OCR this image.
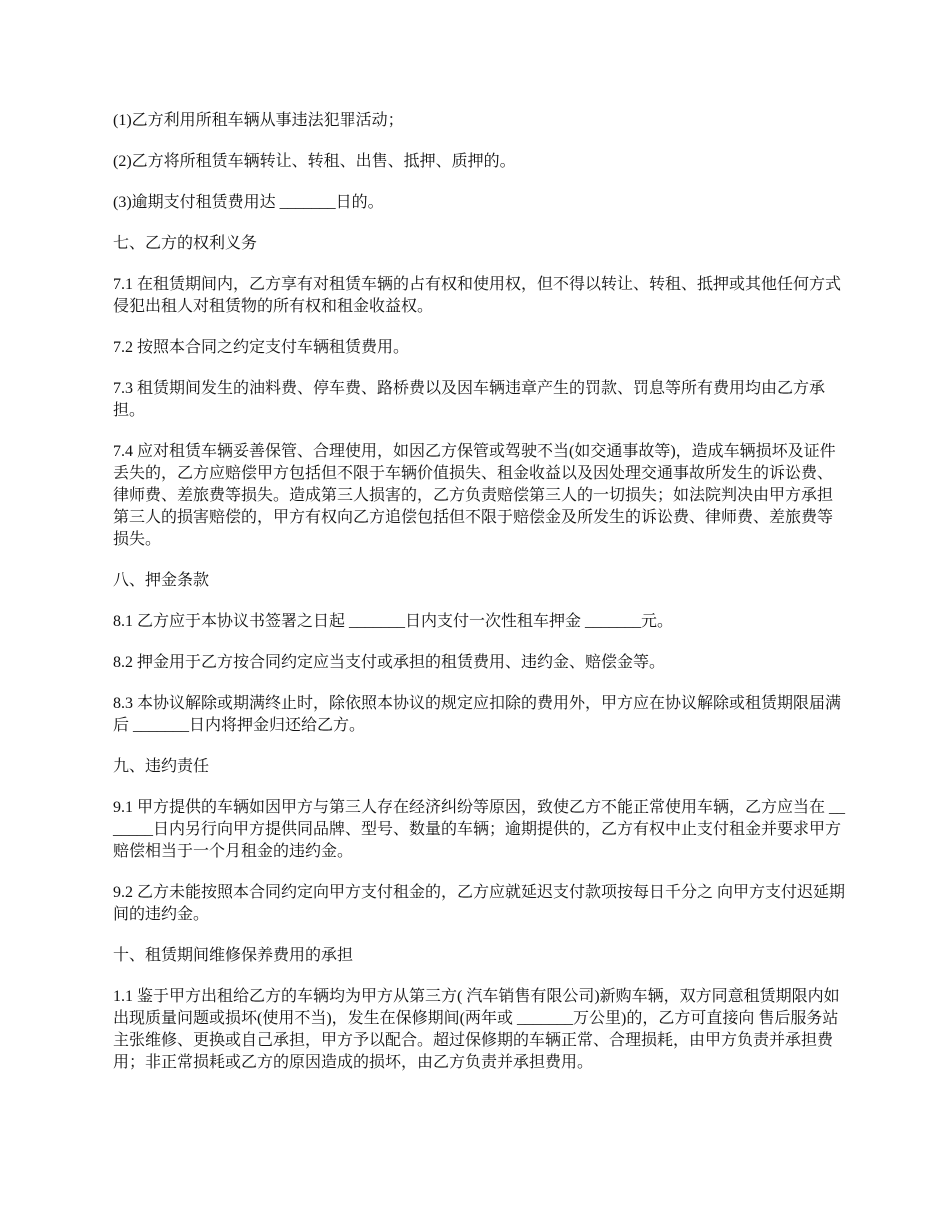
(1)乙方利用所租车辆从事违法犯罪活动；

(2)乙方将所租赁车辆转让、转租、出售、抵押、质押的。

(3)逾期支付租赁费用达 _______日的。

七、乙方的权利义务

7.1 在租赁期间内，乙方享有对租赁车辆的占有权和使用权，但不得以转让、转租、抵押或其他任何方式侵犯出租人对租赁物的所有权和租金收益权。

7.2 按照本合同之约定支付车辆租赁费用。

7.3 租赁期间发生的油料费、停车费、路桥费以及因车辆违章产生的罚款、罚息等所有费用均由乙方承担。

7.4 应对租赁车辆妥善保管、合理使用，如因乙方保管或驾驶不当(如交通事故等)，造成车辆损坏及证件丢失的，乙方应赔偿甲方包括但不限于车辆价值损失、租金收益以及因处理交通事故所发生的诉讼费、律师费、差旅费等损失。造成第三人损害的，乙方负责赔偿第三人的一切损失；如法院判决由甲方承担第三人的损害赔偿的，甲方有权向乙方追偿包括但不限于赔偿金及所发生的诉讼费、律师费、差旅费等损失。

八、押金条款

8.1 乙方应于本协议书签署之日起 _______日内支付一次性租车押金 _______元。

8.2 押金用于乙方按合同约定应当支付或承担的租赁费用、违约金、赔偿金等。

8.3 本协议解除或期满终止时，除依照本协议的规定应扣除的费用外，甲方应在协议解除或租赁期限届满后 _______日内将押金归还给乙方。

九、违约责任

9.1 甲方提供的车辆如因甲方与第三人存在经济纠纷等原因，致使乙方不能正常使用车辆，乙方应当在 _______日内另行向甲方提供同品牌、型号、数量的车辆；逾期提供的，乙方有权中止支付租金并要求甲方赔偿相当于一个月租金的违约金。

9.2 乙方未能按照本合同约定向甲方支付租金的，乙方应就延迟支付款项按每日千分之 向甲方支付迟延期间的违约金。

十、租赁期间维修保养费用的承担

1.1 鉴于甲方出租给乙方的车辆均为甲方从第三方( 汽车销售有限公司)新购车辆，双方同意租赁期限内如出现质量问题或损坏(使用不当)，发生在保修期间(两年或 _______万公里)的，乙方可直接向 售后服务站主张维修、更换或自己承担，甲方予以配合。超过保修期的车辆正常、合理损耗，由甲方负责并承担费用；非正常损耗或乙方的原因造成的损坏，由乙方负责并承担费用。
